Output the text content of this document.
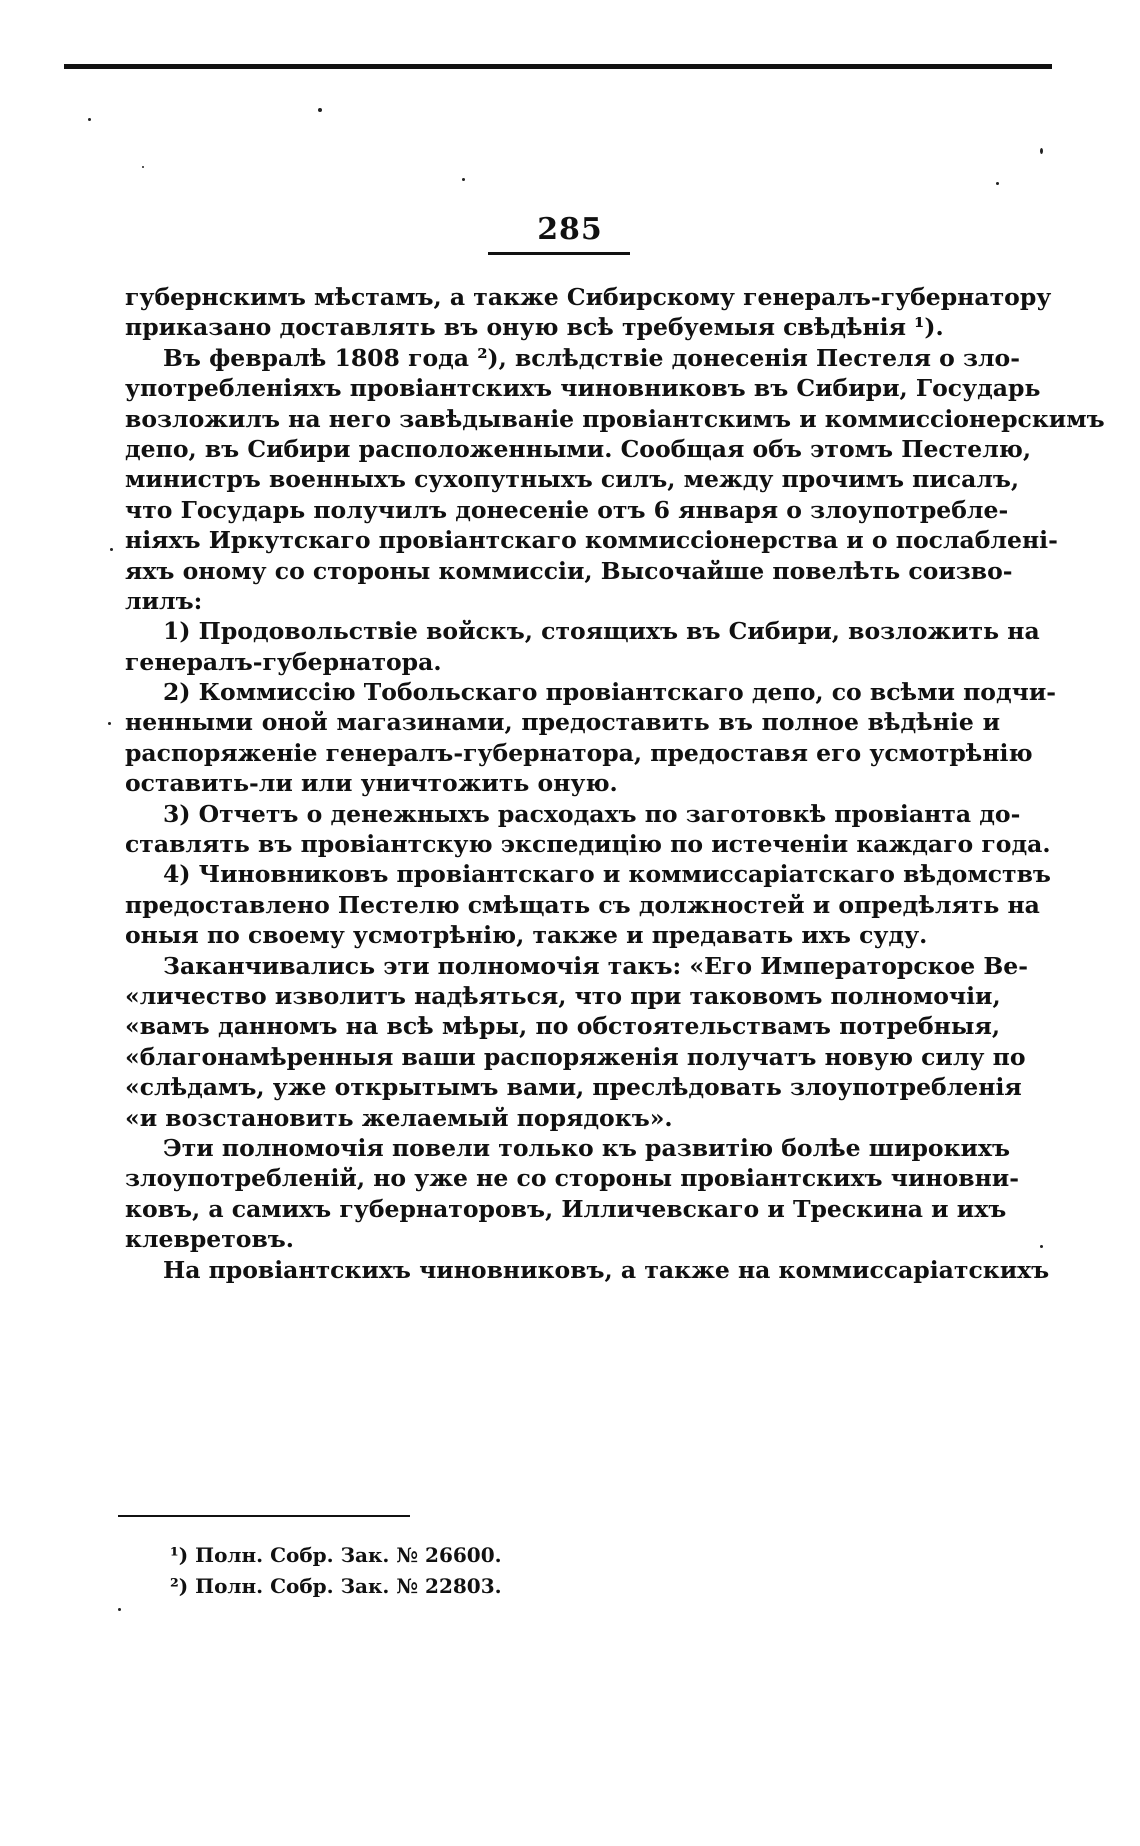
285
губернскимъ мѣстамъ, а также Сибирскому генералъ-губернатору
приказано доставлять въ оную всѣ требуемыя свѣдѣнія ¹).
Въ февралѣ 1808 года ²), вслѣдствіе донесенія Пестеля о зло-
употребленіяхъ провіантскихъ чиновниковъ въ Сибири, Государь
возложилъ на него завѣдываніе провіантскимъ и коммиссіонерскимъ
депо, въ Сибири расположенными. Сообщая объ этомъ Пестелю,
министръ военныхъ сухопутныхъ силъ, между прочимъ писалъ,
что Государь получилъ донесеніе отъ 6 января о злоупотребле-
ніяхъ Иркутскаго провіантскаго коммиссіонерства и о послабленi-
яхъ оному со стороны коммиссіи, Высочайше повелѣть соизво-
лилъ:
1) Продовольствіе войскъ, стоящихъ въ Сибири, возложить на
генералъ-губернатора.
2) Коммиссію Тобольскаго провіантскаго депо, со всѣми подчи-
ненными оной магазинами, предоставить въ полное вѣдѣніе и
распоряженіе генералъ-губернатора, предоставя его усмотрѣнію
оставить-ли или уничтожить оную.
3) Отчетъ о денежныхъ расходахъ по заготовкѣ провіанта до-
ставлять въ провіантскую экспедицію по истеченіи каждаго года.
4) Чиновниковъ провіантскаго и коммиссаріатскаго вѣдомствъ
предоставлено Пестелю смѣщать съ должностей и опредѣлять на
оныя по своему усмотрѣнію, также и предавать ихъ суду.
Заканчивались эти полномочія такъ: «Его Императорское Ве-
«личество изволитъ надѣяться, что при таковомъ полномочіи,
«вамъ данномъ на всѣ мѣры, по обстоятельствамъ потребныя,
«благонамѣренныя ваши распоряженія получатъ новую силу по
«слѣдамъ, уже открытымъ вами, преслѣдовать злоупотребленія
«и возстановить желаемый порядокъ».
Эти полномочія повели только къ развитію болѣе широкихъ
злоупотребленій, но уже не со стороны провіантскихъ чиновни-
ковъ, а самихъ губернаторовъ, Илличевскаго и Трескина и ихъ
клевретовъ.
На провіантскихъ чиновниковъ, а также на коммиссаріатскихъ
¹) Полн. Собр. Зак. № 26600.
²) Полн. Собр. Зак. № 22803.
